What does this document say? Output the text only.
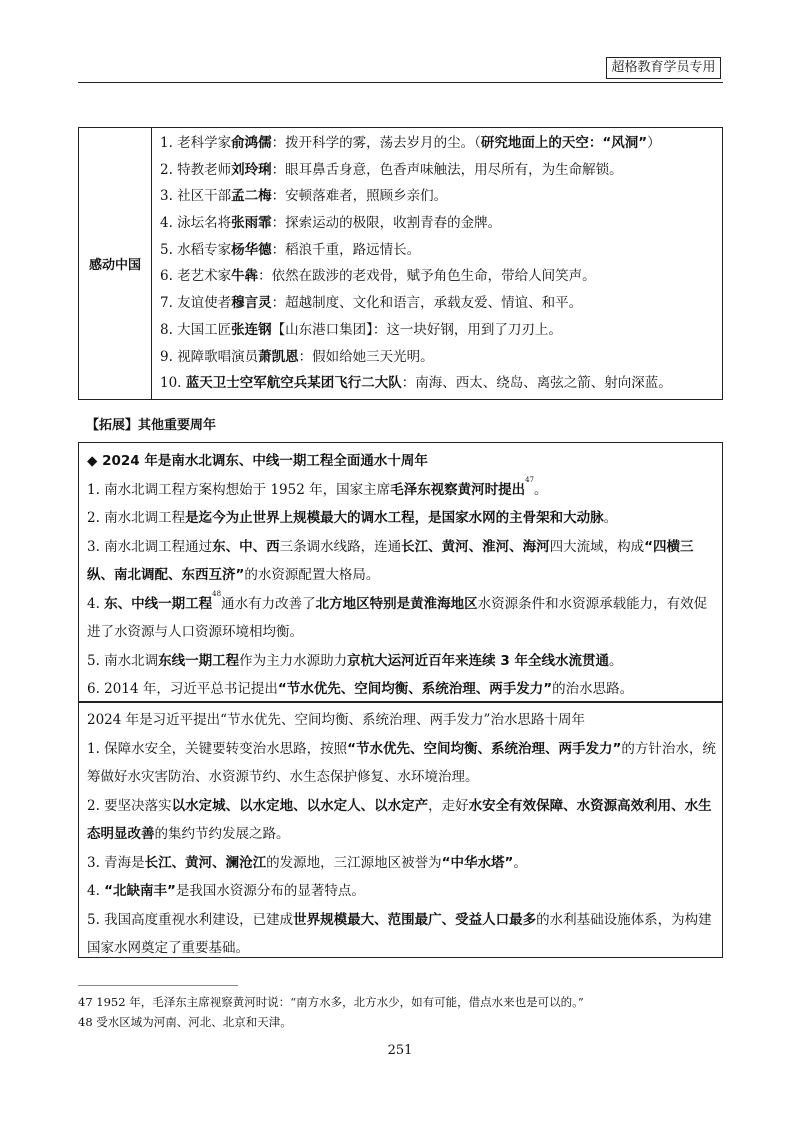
超格教育学员专用
感动中国	
1. 老科学家俞鸿儒：拨开科学的雾，荡去岁月的尘。（研究地面上的天空：“风洞”）
2. 特教老师刘玲琍：眼耳鼻舌身意，色香声味触法，用尽所有，为生命解锁。
3. 社区干部孟二梅：安顿落难者，照顾乡亲们。
4. 泳坛名将张雨霏：探索运动的极限，收割青春的金牌。
5. 水稻专家杨华德：稻浪千重，路远情长。
6. 老艺术家牛犇：依然在跋涉的老戏骨，赋予角色生命，带给人间笑声。
7. 友谊使者穆言灵：超越制度、文化和语言，承载友爱、情谊、和平。
8. 大国工匠张连钢【山东港口集团】：这一块好钢，用到了刀刃上。
9. 视障歌唱演员萧凯恩：假如给她三天光明。
10. 蓝天卫士空军航空兵某团飞行二大队：南海、西太、绕岛、离弦之箭、射向深蓝。
【拓展】其他重要周年
◆ 2024 年是南水北调东、中线一期工程全面通水十周年
1. 南水北调工程方案构想始于 1952 年，国家主席毛泽东视察黄河时提出$^{47}$。
2. 南水北调工程是迄今为止世界上规模最大的调水工程，是国家水网的主骨架和大动脉。
3. 南水北调工程通过东、中、西三条调水线路，连通长江、黄河、淮河、海河四大流域，构成“四横三纵、南北调配、东西互济”的水资源配置大格局。
4. 东、中线一期工程$^{48}$通水有力改善了北方地区特别是黄淮海地区水资源条件和水资源承载能力，有效促进了水资源与人口资源环境相均衡。
5. 南水北调东线一期工程作为主力水源助力京杭大运河近百年来连续 3 年全线水流贯通。
6. 2014 年，习近平总书记提出“节水优先、空间均衡、系统治理、两手发力”的治水思路。
2024 年是习近平提出“节水优先、空间均衡、系统治理、两手发力”治水思路十周年
1. 保障水安全，关键要转变治水思路，按照“节水优先、空间均衡、系统治理、两手发力”的方针治水，统筹做好水灾害防治、水资源节约、水生态保护修复、水环境治理。
2. 要坚决落实以水定城、以水定地、以水定人、以水定产，走好水安全有效保障、水资源高效利用、水生态明显改善的集约节约发展之路。
3. 青海是长江、黄河、澜沧江的发源地，三江源地区被誉为“中华水塔”。
4. “北缺南丰”是我国水资源分布的显著特点。
5. 我国高度重视水利建设，已建成世界规模最大、范围最广、受益人口最多的水利基础设施体系，为构建国家水网奠定了重要基础。
47 1952 年，毛泽东主席视察黄河时说：“南方水多，北方水少，如有可能，借点水来也是可以的。”
48 受水区域为河南、河北、北京和天津。
251
